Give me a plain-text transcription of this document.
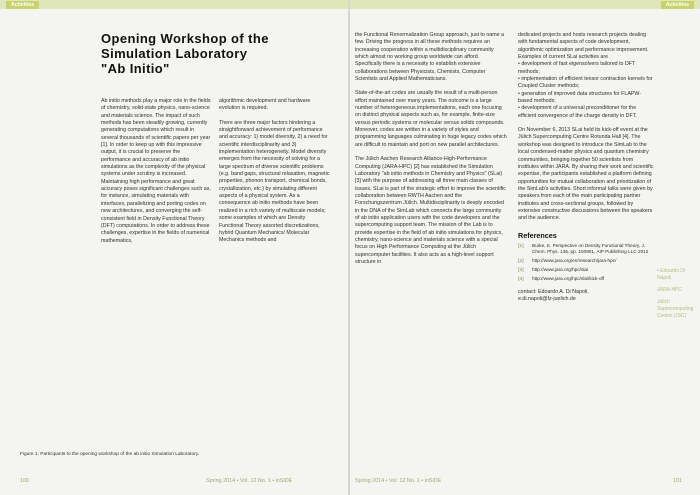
Activities
Opening Workshop of the
Simulation Laboratory
"Ab Initio"

Ab initio methods play a major role in the fields of chemistry, solid-state physics, nano-science and materials science. The impact of such methods has been steadily growing, currently generating computations which result in several thousands of scientific papers per year [1]. In order to keep up with this impressive output, it is crucial to preserve the performance and accuracy of ab initio simulations as the complexity of the physical systems under scrutiny is increased. Maintaining high performance and great accuracy poses significant challenges such as, for instance, simulating materials with interfaces, parallelizing and porting codes on new architectures, and converging the self-consistent field in Density Functional Theory (DFT) computations. In order to address these challenges, expertise in the fields of numerical mathematics,

algorithmic development and hardware evolution is required.

There are three major factors hindering a straightforward achievement of performance and accuracy: 1) model diversity, 2) a need for scientific interdisciplinarity and 3) implementation heterogeneity. Model diversity emerges from the necessity of solving for a large spectrum of diverse scientific problems (e.g. band gaps, structural relaxation, magnetic properties, phonon transport, chemical bonds, crystallization, etc.) by simulating different aspects of a physical system. As a consequence ab initio methods have been realized in a rich variety of multiscale models; some examples of which are Density Functional Theory assorted discretizations, hybrid Quantum Mechanics/ Molecular Mechanics methods and

Figure 1: Participants to the opening workshop of the ab initio Simulation Laboratory.
100	Spring 2014 • Vol. 12 No. 1 • inSiDE
Activities

the Functional Renormalization Group approach, just to name a few. Driving the progress in all these methods requires an increasing cooperation within a multidisciplinary community which almost no working group worldwide can afford. Specifically there is a necessity to establish extensive collaborations between Physicists, Chemists, Computer Scientists and Applied Mathematicians.

State-of-the-art codes are usually the result of a multi-person effort maintained over many years. The outcome is a large number of heterogeneous implementations, each one focusing on distinct physical aspects such as, for example, finite-size versus periodic systems or molecular versus solids compounds. Moreover, codes are written in a variety of styles and programming languages culminating in huge legacy codes which are difficult to maintain and port on new parallel architectures.

The Jülich Aachen Research Alliance-High-Performance Computing (JARA-HPC) [2] has established the Simulation Laboratory "ab initio methods in Chemistry and Physics" (SLai) [3] with the purpose of addressing all three main classes of issues. SLai is part of the strategic effort to improve the scientific collaboration between RWTH Aachen and the Forschungszentrum Jülich. Multidisciplinarity is deeply encoded in the DNA of the SimLab which connects the large community of ab initio application users with the code developers and the supercomputing support team. The mission of the Lab is to provide expertise in the field of ab initio simulations for physics, chemistry, nano-science and materials science with a special focus on High Performance Computing at the Jülich supercomputer facilities. It also acts as a high-level support structure in

dedicated projects and hosts research projects dealing with fundamental aspects of code development, algorithmic optimization and performance improvement. Examples of current SLai activities are

• development of fast eigensolvers tailored to DFT methods;

• implementation of efficient tensor contraction kernels for Coupled Cluster methods;

• generation of improved data structures for FLAPW-based methods;

• development of a universal preconditioner for the efficient convergence of the charge density in DFT.

On November 6, 2013 SLai held its kick-off event at the Jülich Supercomputing Centre Rotunda Hall [4]. The workshop was designed to introduce the SimLab to the local condensed-matter physics and quantum chemistry communities, bringing together 50 scientists from institutes within JARA. By sharing their work and scientific expertise, the participants established a platform defining opportunities for mutual collaboration and prioritization of the SimLab's activities. Short informal talks were given by speakers from each of the main participating partner institutes and cross-sectional groups, followed by extensive constructive discussions between the speakers and the audience.

References
[1]	Burke, K. Perspective on Density Functional Theory, J. Chem. Phys. 136, pp. 150901, AIP Publishing LLC 2012
[2]	http://www.jara.org/en/research/jara-hpc/
[3]	http://www.jara.org/hpc/slai
[4]	http://www.jara.org/hpc/slai/kick-off
contact: Edoardo A. Di Napoli,
e.di.napoli@fz-juelich.de
• Edoardo Di Napoli
JARA-HPC
Jülich Supercomputing Centre (JSC)
Spring 2014 • Vol. 12 No. 1 • inSiDE	101
